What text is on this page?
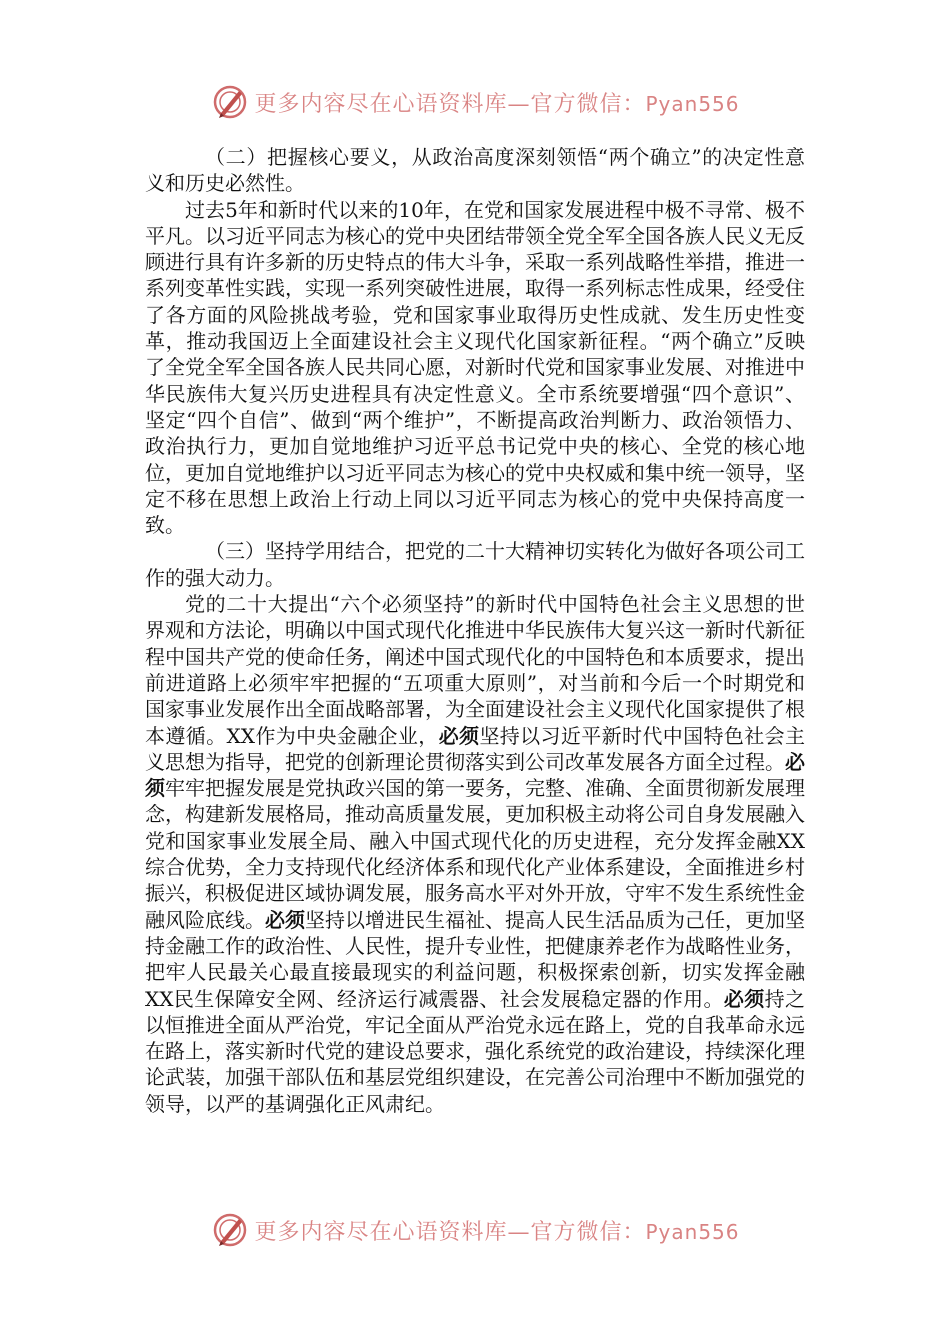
更多内容尽在心语资料库—官方微信：Pyan556

（二）把握核心要义，从政治高度深刻领悟“两个确立”的决定性意义和历史必然性。

过去5年和新时代以来的10年，在党和国家发展进程中极不寻常、极不平凡。以习近平同志为核心的党中央团结带领全党全军全国各族人民义无反顾进行具有许多新的历史特点的伟大斗争，采取一系列战略性举措，推进一系列变革性实践，实现一系列突破性进展，取得一系列标志性成果，经受住了各方面的风险挑战考验，党和国家事业取得历史性成就、发生历史性变革，推动我国迈上全面建设社会主义现代化国家新征程。“两个确立”反映了全党全军全国各族人民共同心愿，对新时代党和国家事业发展、对推进中华民族伟大复兴历史进程具有决定性意义。全市系统要增强“四个意识”、坚定“四个自信”、做到“两个维护”，不断提高政治判断力、政治领悟力、政治执行力，更加自觉地维护习近平总书记党中央的核心、全党的核心地位，更加自觉地维护以习近平同志为核心的党中央权威和集中统一领导，坚定不移在思想上政治上行动上同以习近平同志为核心的党中央保持高度一致。

（三）坚持学用结合，把党的二十大精神切实转化为做好各项公司工作的强大动力。

党的二十大提出“六个必须坚持”的新时代中国特色社会主义思想的世界观和方法论，明确以中国式现代化推进中华民族伟大复兴这一新时代新征程中国共产党的使命任务，阐述中国式现代化的中国特色和本质要求，提出前进道路上必须牢牢把握的“五项重大原则”，对当前和今后一个时期党和国家事业发展作出全面战略部署，为全面建设社会主义现代化国家提供了根本遵循。XX作为中央金融企业，必须坚持以习近平新时代中国特色社会主义思想为指导，把党的创新理论贯彻落实到公司改革发展各方面全过程。必须牢牢把握发展是党执政兴国的第一要务，完整、准确、全面贯彻新发展理念，构建新发展格局，推动高质量发展，更加积极主动将公司自身发展融入党和国家事业发展全局、融入中国式现代化的历史进程，充分发挥金融XX综合优势，全力支持现代化经济体系和现代化产业体系建设，全面推进乡村振兴，积极促进区域协调发展，服务高水平对外开放，守牢不发生系统性金融风险底线。必须坚持以增进民生福祉、提高人民生活品质为己任，更加坚持金融工作的政治性、人民性，提升专业性，把健康养老作为战略性业务，把牢人民最关心最直接最现实的利益问题，积极探索创新，切实发挥金融XX民生保障安全网、经济运行减震器、社会发展稳定器的作用。必须持之以恒推进全面从严治党，牢记全面从严治党永远在路上，党的自我革命永远在路上，落实新时代党的建设总要求，强化系统党的政治建设，持续深化理论武装，加强干部队伍和基层党组织建设，在完善公司治理中不断加强党的领导，以严的基调强化正风肃纪。

更多内容尽在心语资料库—官方微信：Pyan556
